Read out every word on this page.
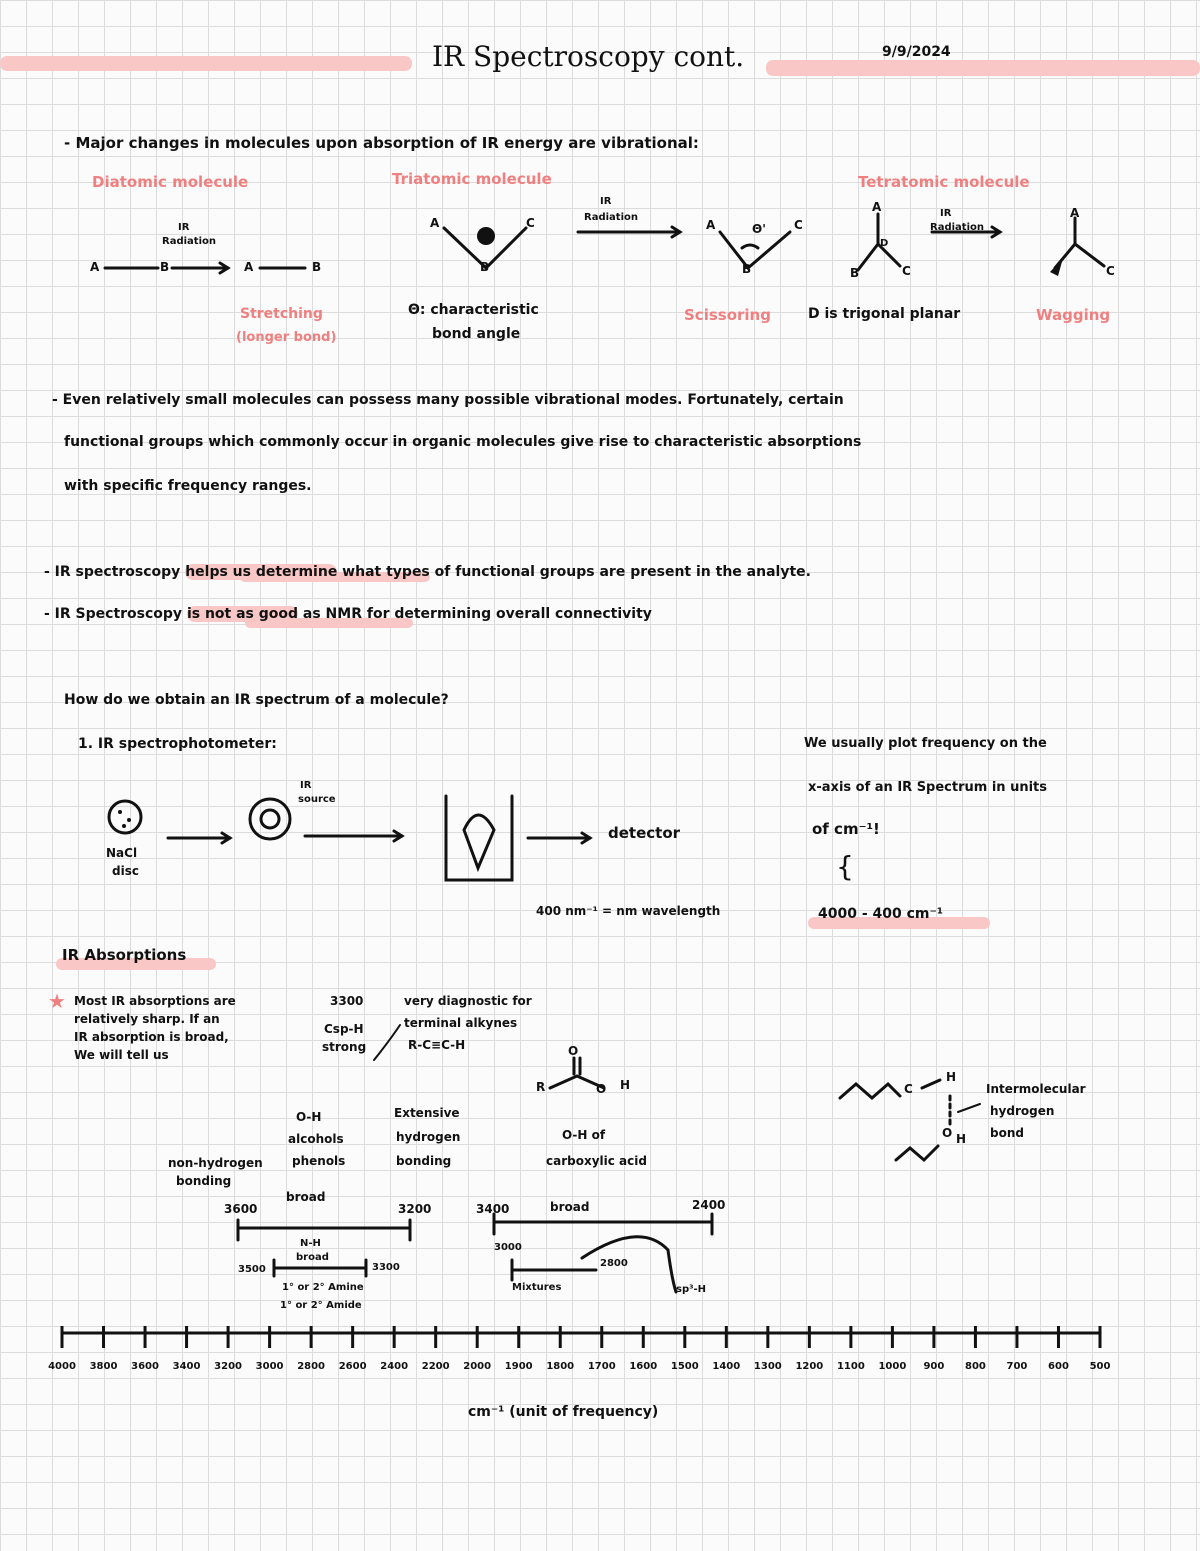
★
IR Spectroscopy cont.	9/9/2024
- Major changes in molecules upon absorption of IR energy are vibrational:
Diatomic molecule
IR
Radiation
A	B	A	B
Stretching
(longer bond)
Triatomic molecule
A
B
C
IR
Radiation
A	Θ'
B
C
Θ: characteristic
bond angle
Scissoring
Tetratomic molecule
A
D
B	C
IR
Radiation
A
C
D is trigonal planar	Wagging
- Even relatively small molecules can possess many possible vibrational modes. Fortunately, certain
functional groups which commonly occur in organic molecules give rise to characteristic absorptions
with specific frequency ranges.
- IR spectroscopy helps us determine what types of functional groups are present in the analyte.
- IR Spectroscopy is not as good as NMR for determining overall connectivity
How do we obtain an IR spectrum of a molecule?
1. IR spectrophotometer:
NaCl
disc
IR
source
detector
400 nm⁻¹ = nm wavelength
We usually plot frequency on the
x-axis of an IR Spectrum in units
of cm⁻¹!
{
4000 - 400 cm⁻¹
IR Absorptions
Most IR absorptions are
relatively sharp. If an
IR absorption is broad,
We will tell us
3300
Csp-H
strong
very diagnostic for
terminal alkynes
R-C≡C-H	O
R	O H
O-H
alcohols
phenols
non-hydrogen
bonding
Extensive
hydrogen
bonding
O-H of
carboxylic acid
broad
3600	3200
N-H
broad
3500	3300
1° or 2° Amine
1° or 2° Amide
broad
3400	2400
3000
Mixtures
2800
sp³-H
C
H
O H
Intermolecular
hydrogen
bond
4000 3800 3600 3400 3200 3000 2800 2600 2400 2200 2000 1900 1800 1700 1600 1500 1400 1300 1200 1100 1000 900 800 700 600 500
cm⁻¹ (unit of frequency)
